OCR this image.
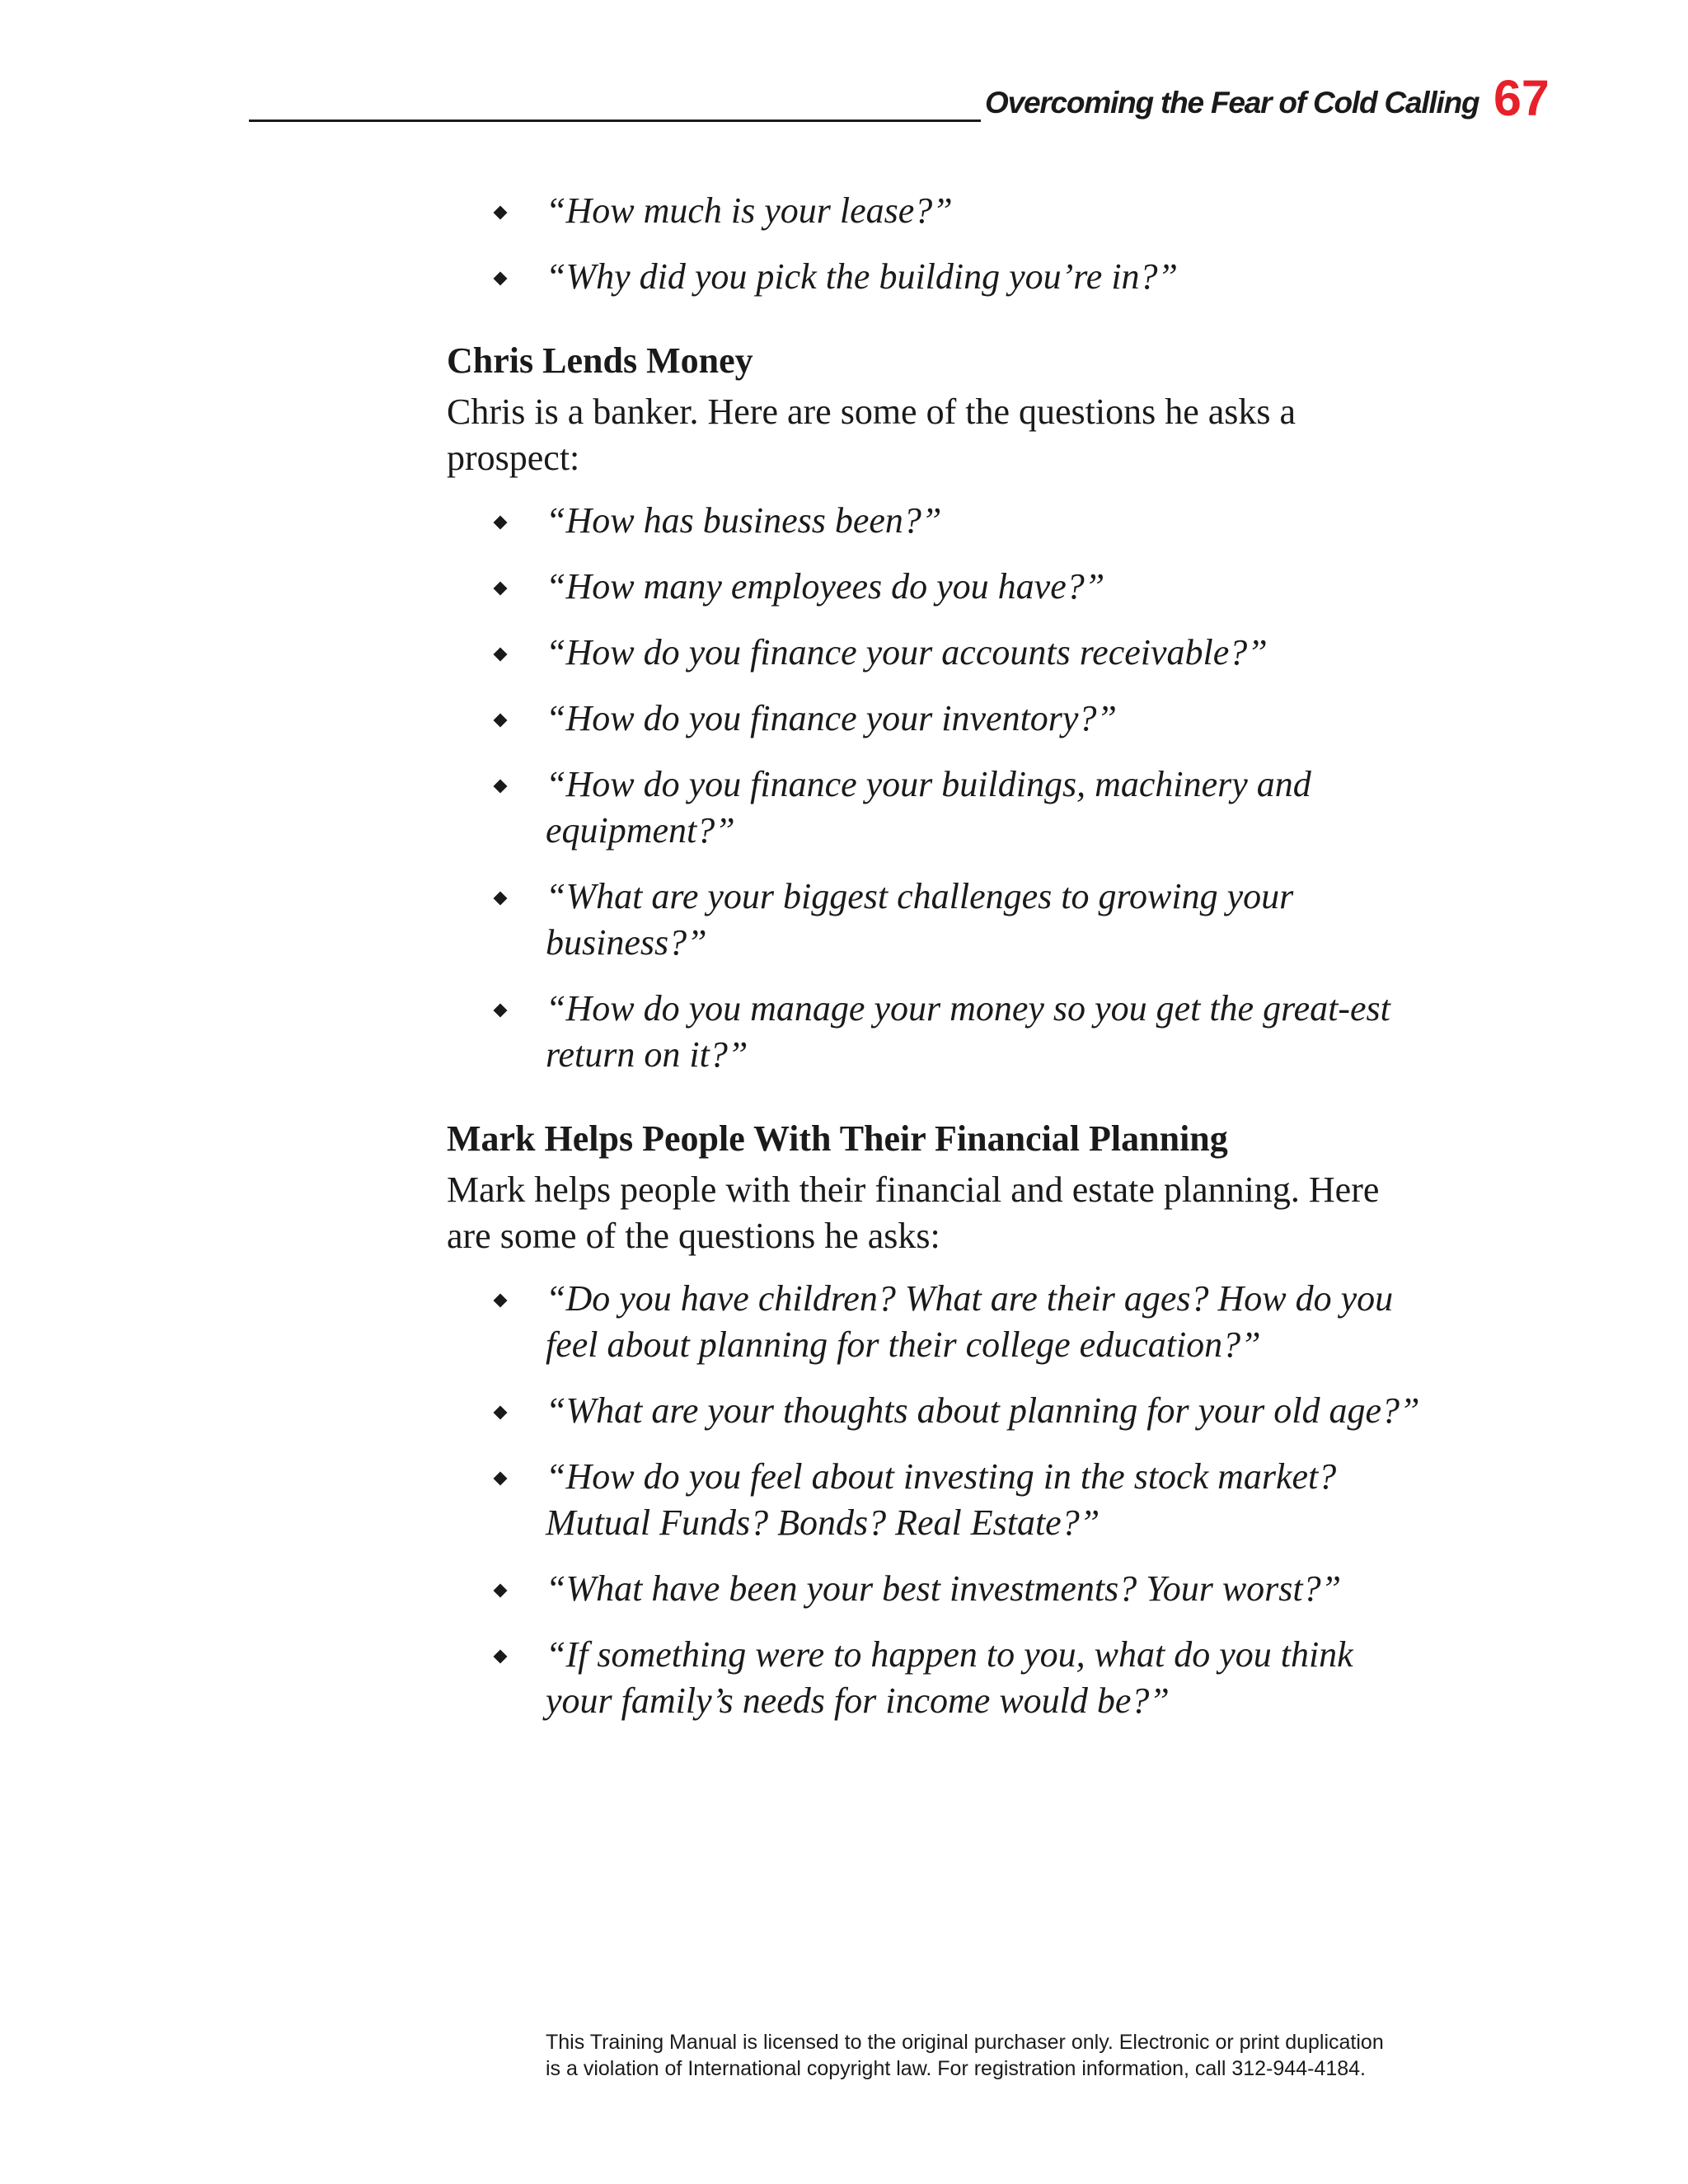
Overcoming the Fear of Cold Calling 67
“How much is your lease?”
“Why did you pick the building you’re in?”
Chris Lends Money

Chris is a banker. Here are some of the questions he asks a prospect:

“How has business been?”
“How many employees do you have?”
“How do you finance your accounts receivable?”
“How do you finance your inventory?”
“How do you finance your buildings, machinery and equipment?”
“What are your biggest challenges to growing your business?”
“How do you manage your money so you get the great-est return on it?”
Mark Helps People With Their Financial Planning

Mark helps people with their financial and estate planning. Here are some of the questions he asks:

“Do you have children? What are their ages? How do you feel about planning for their college education?”
“What are your thoughts about planning for your old age?”
“How do you feel about investing in the stock market? Mutual Funds? Bonds? Real Estate?”
“What have been your best investments? Your worst?”
“If something were to happen to you, what do you think your family’s needs for income would be?”
This Training Manual is licensed to the original purchaser only. Electronic or print duplication
is a violation of International copyright law. For registration information, call 312-944-4184.
